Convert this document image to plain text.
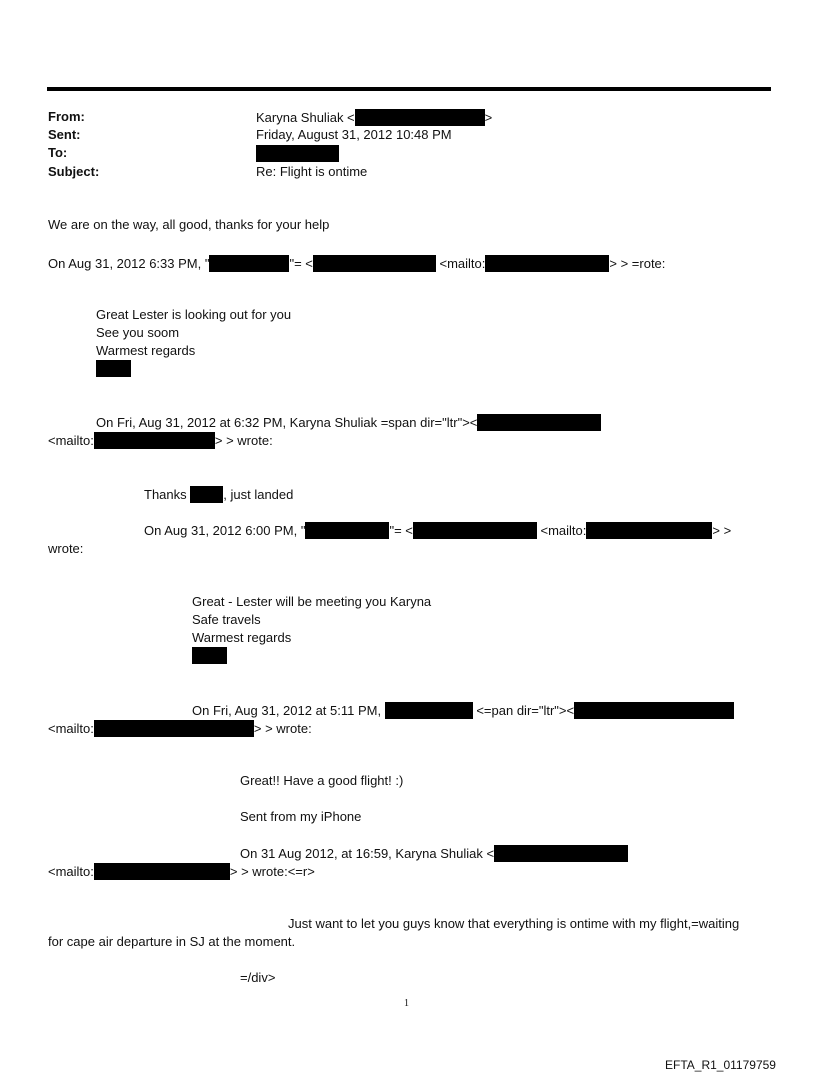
From:	Karyna Shuliak <	>
Sent:	Friday, August 31, 2012 10:48 PM
To:
Subject:	Re: Flight is ontime
We are on the way, all good, thanks for your help
On Aug 31, 2012 6:33 PM, "	"= <	<mailto:	> > =rote:
Great Lester is looking out for you
See you soom
Warmest regards
On Fri, Aug 31, 2012 at 6:32 PM, Karyna Shuliak =span dir="ltr"><
<mailto:	> > wrote:
Thanks	, just landed
On Aug 31, 2012 6:00 PM, "	"= <	<mailto:	> >
wrote:
Great - Lester will be meeting you Karyna
Safe travels
Warmest regards
On Fri, Aug 31, 2012 at 5:11 PM,	<=pan dir="ltr"><
<mailto:	> > wrote:
Great!! Have a good flight! :)
Sent from my iPhone
On 31 Aug 2012, at 16:59, Karyna Shuliak <
<mailto:	> > wrote:<=r>
Just want to let you guys know that everything is ontime with my flight,=waiting
for cape air departure in SJ at the moment.
=/div>
1
EFTA_R1_01179759
